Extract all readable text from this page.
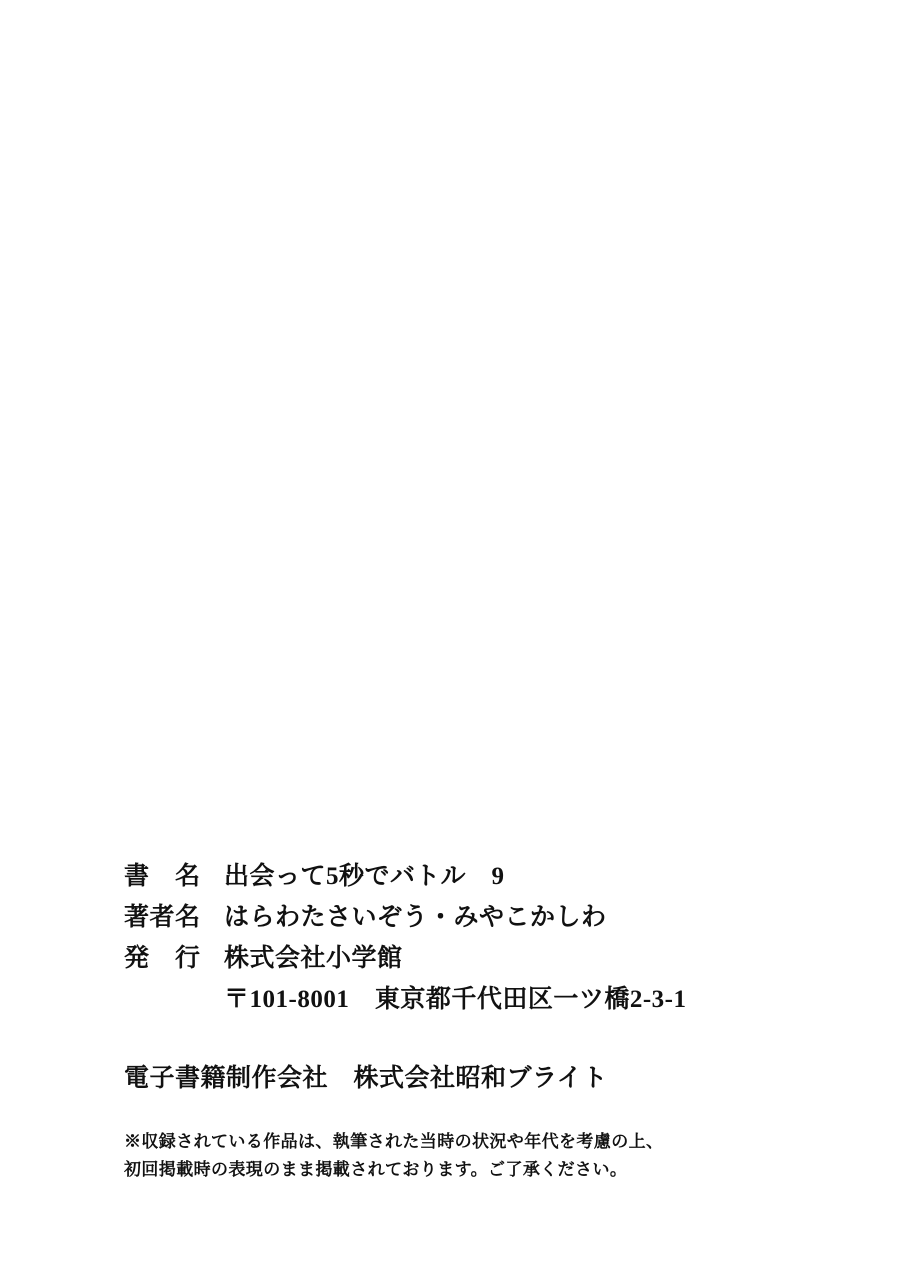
書　名 出会って5秒でバトル　9
著者名 はらわたさいぞう・みやこかしわ
発　行 株式会社小学館
〒101‑8001　東京都千代田区一ツ橋2‑3‑1
電子書籍制作会社　 株式会社昭和ブライト
※収録されている作品は、執筆された当時の状況や年代を考慮の上、
初回掲載時の表現のまま掲載されております。ご了承ください。
